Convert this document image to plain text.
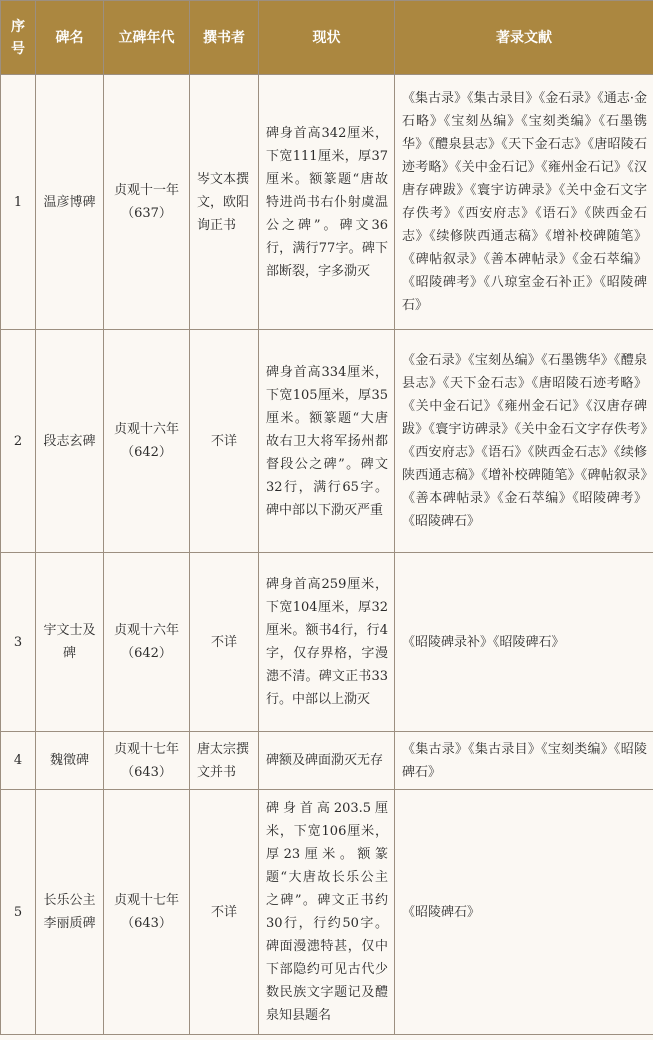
序号	碑名	立碑年代	撰书者	现状	著录文献
1	温彦博碑	贞观十一年（637）	岑文本撰文，欧阳询正书	碑身首高342厘米，下宽111厘米，厚37厘米。额篆题“唐故特进尚书右仆射虞温公之碑”。碑文36行，满行77字。碑下部断裂，字多泐灭	《集古录》《集古录目》《金石录》《通志·金石略》《宝刻丛编》《宝刻类编》《石墨镌华》《醴泉县志》《天下金石志》《唐昭陵石迹考略》《关中金石记》《雍州金石记》《汉唐存碑跋》《寰宇访碑录》《关中金石文字存佚考》《西安府志》《语石》《陕西金石志》《续修陕西通志稿》《增补校碑随笔》《碑帖叙录》《善本碑帖录》《金石萃编》《昭陵碑考》《八琼室金石补正》《昭陵碑石》
2	段志玄碑	贞观十六年（642）	不详	碑身首高334厘米，下宽105厘米，厚35厘米。额篆题“大唐故右卫大将军扬州都督段公之碑”。碑文32行，满行65字。碑中部以下泐灭严重	《金石录》《宝刻丛编》《石墨镌华》《醴泉县志》《天下金石志》《唐昭陵石迹考略》《关中金石记》《雍州金石记》《汉唐存碑跋》《寰宇访碑录》《关中金石文字存佚考》《西安府志》《语石》《陕西金石志》《续修陕西通志稿》《增补校碑随笔》《碑帖叙录》《善本碑帖录》《金石萃编》《昭陵碑考》《昭陵碑石》
3	宇文士及碑	贞观十六年（642）	不详	碑身首高259厘米，下宽104厘米，厚32厘米。额书4行，行4字，仅存界格，字漫漶不清。碑文正书33行。中部以上泐灭	《昭陵碑录补》《昭陵碑石》
4	魏徵碑	贞观十七年（643）	唐太宗撰文并书	碑额及碑面泐灭无存	《集古录》《集古录目》《宝刻类编》《昭陵碑石》
5	长乐公主李丽质碑	贞观十七年（643）	不详	碑身首高203.5厘米，下宽106厘米，厚23厘米。额篆题“大唐故长乐公主之碑”。碑文正书约30行，行约50字。碑面漫漶特甚，仅中下部隐约可见古代少数民族文字题记及醴泉知县题名	《昭陵碑石》
